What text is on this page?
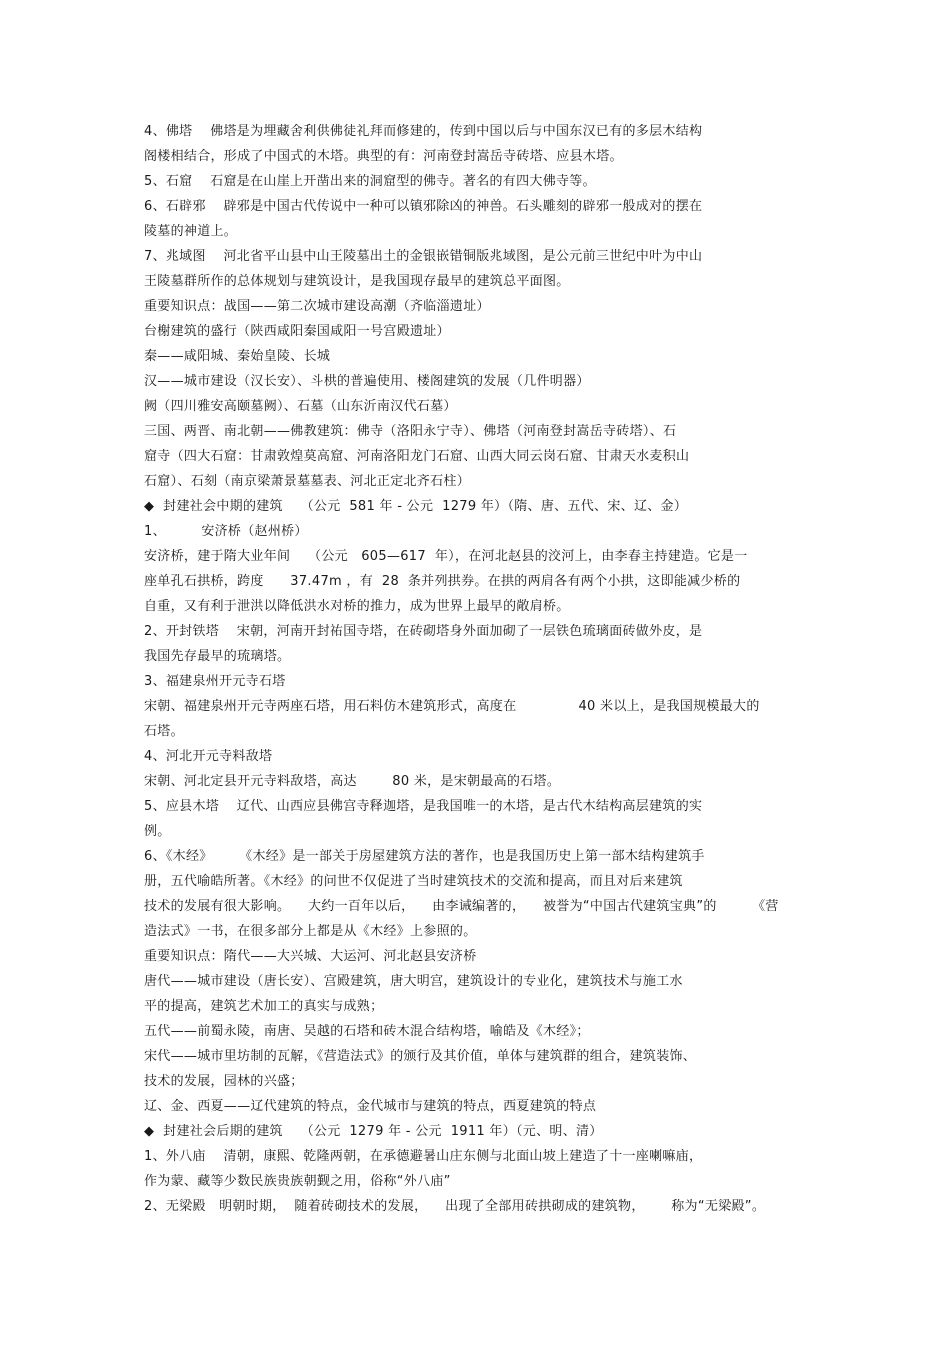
4、佛塔    佛塔是为埋藏舍利供佛徒礼拜而修建的，传到中国以后与中国东汉已有的多层木结构
阁楼相结合，形成了中国式的木塔。典型的有：河南登封嵩岳寺砖塔、应县木塔。
5、石窟    石窟是在山崖上开凿出来的洞窟型的佛寺。著名的有四大佛寺等。
6、石辟邪    辟邪是中国古代传说中一种可以镇邪除凶的神兽。石头雕刻的辟邪一般成对的摆在
陵墓的神道上。
7、兆域图    河北省平山县中山王陵墓出土的金银嵌错铜版兆域图，是公元前三世纪中叶为中山
王陵墓群所作的总体规划与建筑设计，是我国现存最早的建筑总平面图。
重要知识点：战国——第二次城市建设高潮（齐临淄遗址）
台榭建筑的盛行（陕西咸阳秦国咸阳一号宫殿遗址）
秦——咸阳城、秦始皇陵、长城
汉——城市建设（汉长安）、斗栱的普遍使用、楼阁建筑的发展（几件明器）
阙（四川雅安高颐墓阙）、石墓（山东沂南汉代石墓）
三国、两晋、南北朝——佛教建筑：佛寺（洛阳永宁寺）、佛塔（河南登封嵩岳寺砖塔）、石
窟寺（四大石窟：甘肃敦煌莫高窟、河南洛阳龙门石窟、山西大同云岗石窟、甘肃天水麦积山
石窟）、石刻（南京梁萧景墓墓表、河北正定北齐石柱）
◆  封建社会中期的建筑    （公元  581 年 - 公元  1279 年）（隋、唐、五代、宋、辽、金）
1、        安济桥（赵州桥）
安济桥，建于隋大业年间    （公元   605—617  年），在河北赵县的洨河上，由李春主持建造。它是一
座单孔石拱桥，跨度      37.47m ，有  28  条并列拱券。在拱的两肩各有两个小拱，这即能减少桥的
自重，又有利于泄洪以降低洪水对桥的推力，成为世界上最早的敞肩桥。
2、开封铁塔    宋朝，河南开封祐国寺塔，在砖砌塔身外面加砌了一层铁色琉璃面砖做外皮，是
我国先存最早的琉璃塔。
3、福建泉州开元寺石塔
宋朝、福建泉州开元寺两座石塔，用石料仿木建筑形式，高度在              40 米以上，是我国规模最大的
石塔。
4、河北开元寺料敌塔
宋朝、河北定县开元寺料敌塔，高达        80 米，是宋朝最高的石塔。
5、应县木塔    辽代、山西应县佛宫寺释迦塔，是我国唯一的木塔，是古代木结构高层建筑的实
例。
6、《木经》      《木经》是一部关于房屋建筑方法的著作，也是我国历史上第一部木结构建筑手
册，五代喻皓所著。《木经》的问世不仅促进了当时建筑技术的交流和提高，而且对后来建筑
技术的发展有很大影响。    大约一百年以后，    由李诫编著的，    被誉为“中国古代建筑宝典”的        《营
造法式》一书，在很多部分上都是从《木经》上参照的。
重要知识点：隋代——大兴城、大运河、河北赵县安济桥
唐代——城市建设（唐长安）、宫殿建筑，唐大明宫，建筑设计的专业化，建筑技术与施工水
平的提高，建筑艺术加工的真实与成熟；
五代——前蜀永陵，南唐、吴越的石塔和砖木混合结构塔，喻皓及《木经》；
宋代——城市里坊制的瓦解，《营造法式》的颁行及其价值，单体与建筑群的组合，建筑装饰、
技术的发展，园林的兴盛；
辽、金、西夏——辽代建筑的特点，金代城市与建筑的特点，西夏建筑的特点
◆  封建社会后期的建筑    （公元  1279 年 - 公元  1911 年）（元、明、清）
1、外八庙    清朝，康熙、乾隆两朝，在承德避暑山庄东侧与北面山坡上建造了十一座喇嘛庙，
作为蒙、藏等少数民族贵族朝觐之用，俗称“外八庙”
2、无梁殿   明朝时期，  随着砖砌技术的发展，    出现了全部用砖拱砌成的建筑物，      称为“无梁殿”。
